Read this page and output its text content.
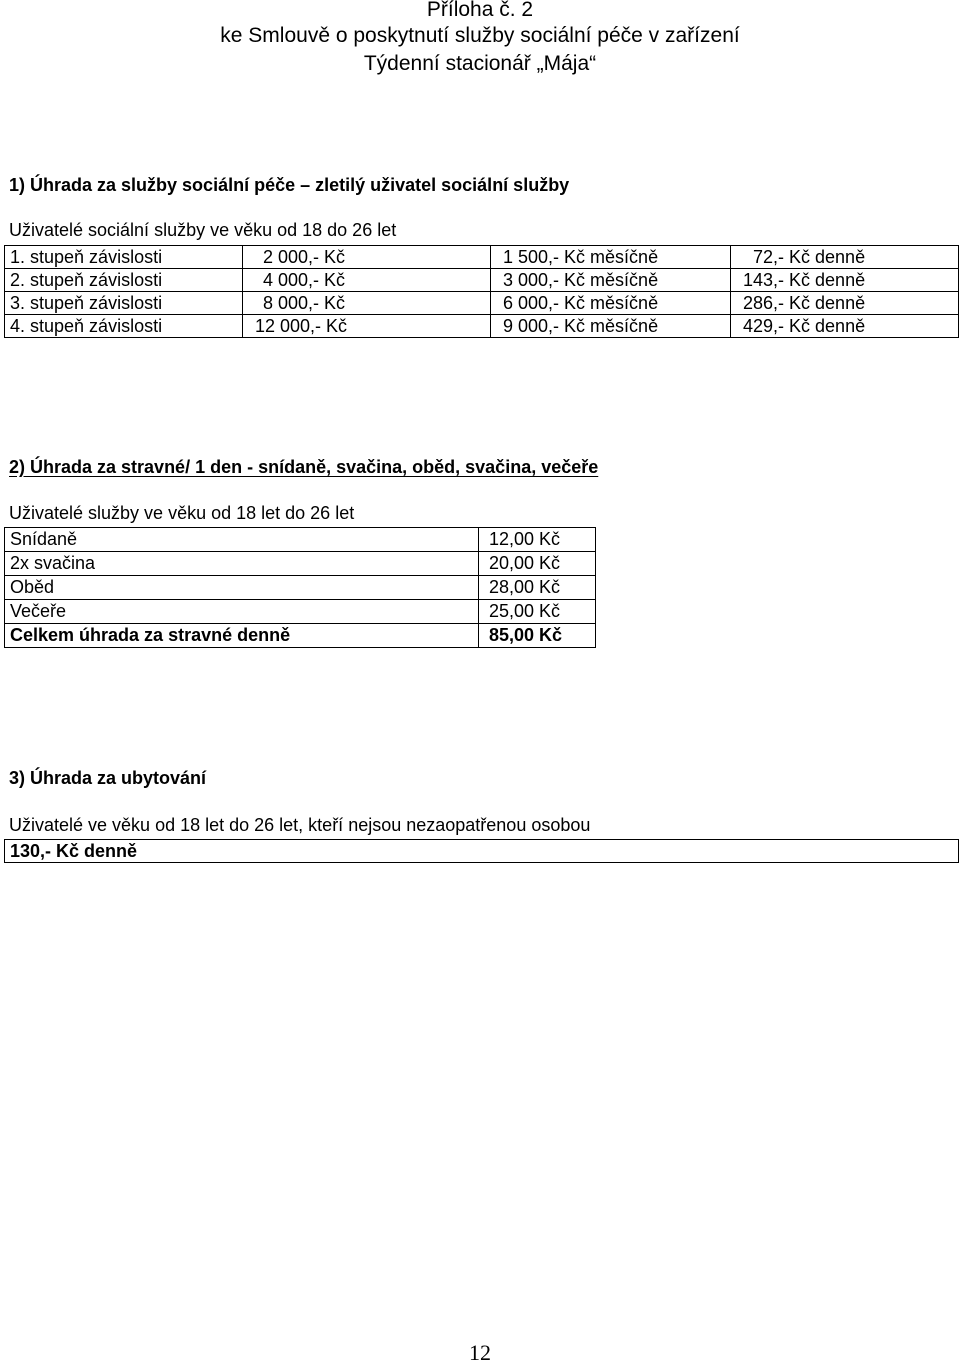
Příloha č. 2
ke Smlouvě o poskytnutí služby sociální péče v zařízení
Týdenní stacionář „Mája“
1) Úhrada za služby sociální péče – zletilý uživatel sociální služby
Uživatelé sociální služby ve věku od 18 do 26 let
1. stupeň závislosti	2 000,- Kč	1 500,- Kč měsíčně	72,- Kč denně
2. stupeň závislosti	4 000,- Kč	3 000,- Kč měsíčně	143,- Kč denně
3. stupeň závislosti	8 000,- Kč	6 000,- Kč měsíčně	286,- Kč denně
4. stupeň závislosti	12 000,- Kč	9 000,- Kč měsíčně	429,- Kč denně
2) Úhrada za stravné/ 1 den - snídaně, svačina, oběd, svačina, večeře
Uživatelé služby ve věku od 18 let do 26 let
Snídaně	12,00 Kč
2x svačina	20,00 Kč
Oběd	28,00 Kč
Večeře	25,00 Kč
Celkem úhrada za stravné denně	85,00 Kč
3) Úhrada za ubytování
Uživatelé ve věku od 18 let do 26 let, kteří nejsou nezaopatřenou osobou
130,- Kč denně
12
